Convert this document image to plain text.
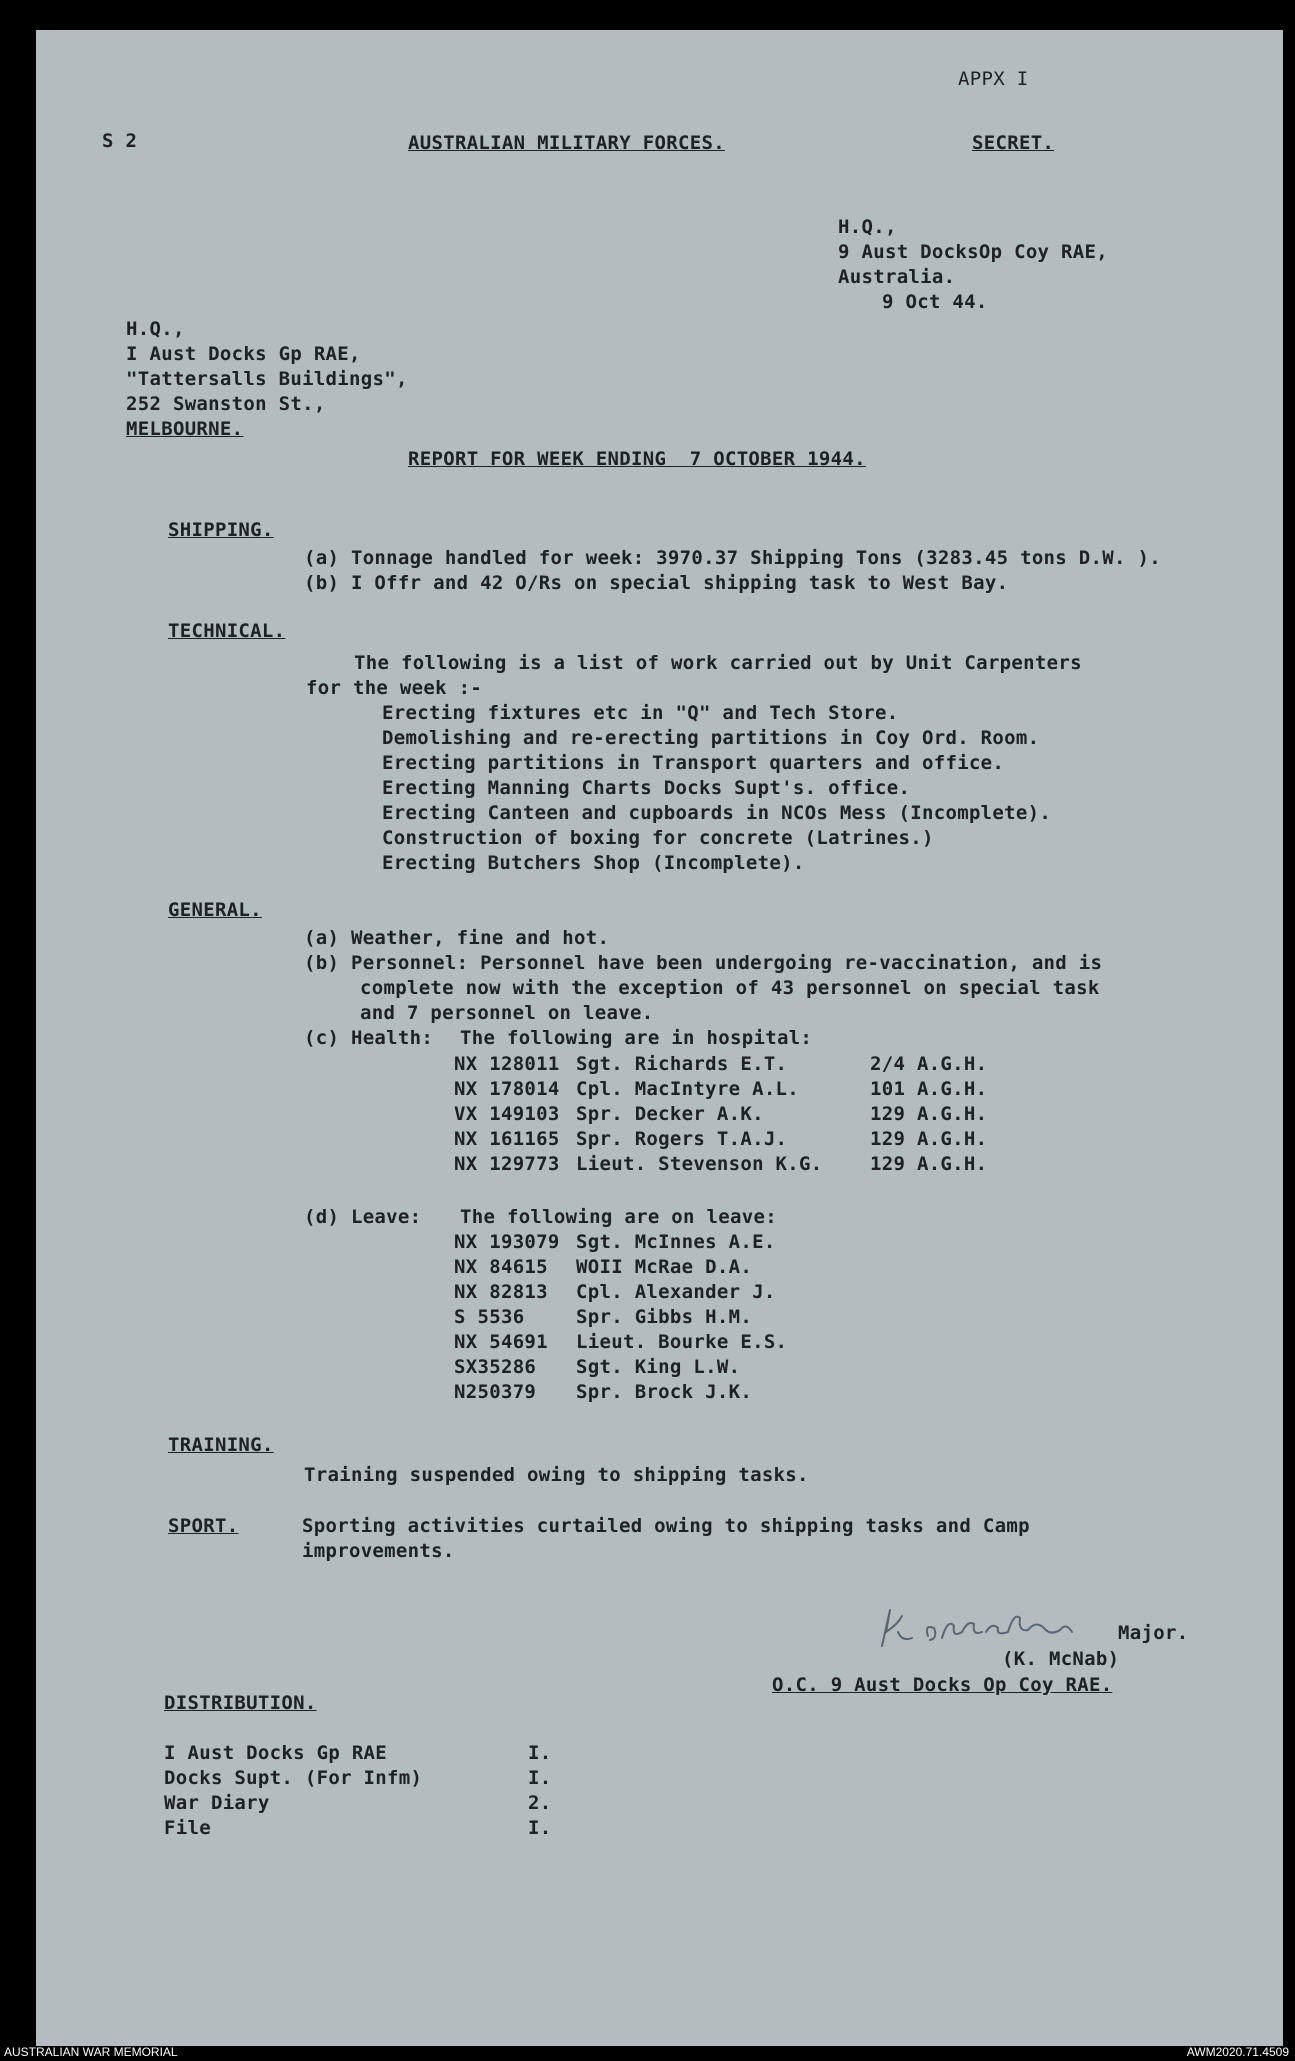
APPX I
S 2	AUSTRALIAN MILITARY FORCES.	SECRET.
H.Q.,
9 Aust DocksOp Coy RAE,
Australia.
9 Oct 44.
H.Q.,
I Aust Docks Gp RAE,
"Tattersalls Buildings",
252 Swanston St.,
MELBOURNE.
REPORT FOR WEEK ENDING  7 OCTOBER 1944.
SHIPPING.
(a) Tonnage handled for week: 3970.37 Shipping Tons (3283.45 tons D.W. ).
(b) I Offr and 42 O/Rs on special shipping task to West Bay.
TECHNICAL.
The following is a list of work carried out by Unit Carpenters
for the week :-
Erecting fixtures etc in "Q" and Tech Store.
Demolishing and re-erecting partitions in Coy Ord. Room.
Erecting partitions in Transport quarters and office.
Erecting Manning Charts Docks Supt's. office.
Erecting Canteen and cupboards in NCOs Mess (Incomplete).
Construction of boxing for concrete (Latrines.)
Erecting Butchers Shop (Incomplete).
GENERAL.
(a) Weather, fine and hot.
(b) Personnel: Personnel have been undergoing re-vaccination, and is
complete now with the exception of 43 personnel on special task
and 7 personnel on leave.
(c) Health: The following are in hospital:
NX 128011 Sgt. Richards E.T.	2/4 A.G.H.
NX 178014 Cpl. MacIntyre A.L.	101 A.G.H.
VX 149103 Spr. Decker A.K.	129 A.G.H.
NX 161165 Spr. Rogers T.A.J.	129 A.G.H.
NX 129773 Lieut. Stevenson K.G. 129 A.G.H.
(d) Leave: The following are on leave:
NX 193079 Sgt. McInnes A.E.
NX 84615 WOII McRae D.A.
NX 82813 Cpl. Alexander J.
S 5536	Spr. Gibbs H.M.
NX 54691 Lieut. Bourke E.S.
SX35286 Sgt. King L.W.
N250379 Spr. Brock J.K.
TRAINING.
Training suspended owing to shipping tasks.
SPORT.	Sporting activities curtailed owing to shipping tasks and Camp
improvements.
Major.
(K. McNab)
O.C. 9 Aust Docks Op Coy RAE.
DISTRIBUTION.
I Aust Docks Gp RAE	I.
Docks Supt. (For Infm)	I.
War Diary	2.
File	I.
AUSTRALIAN WAR MEMORIAL	AWM2020.71.4509
